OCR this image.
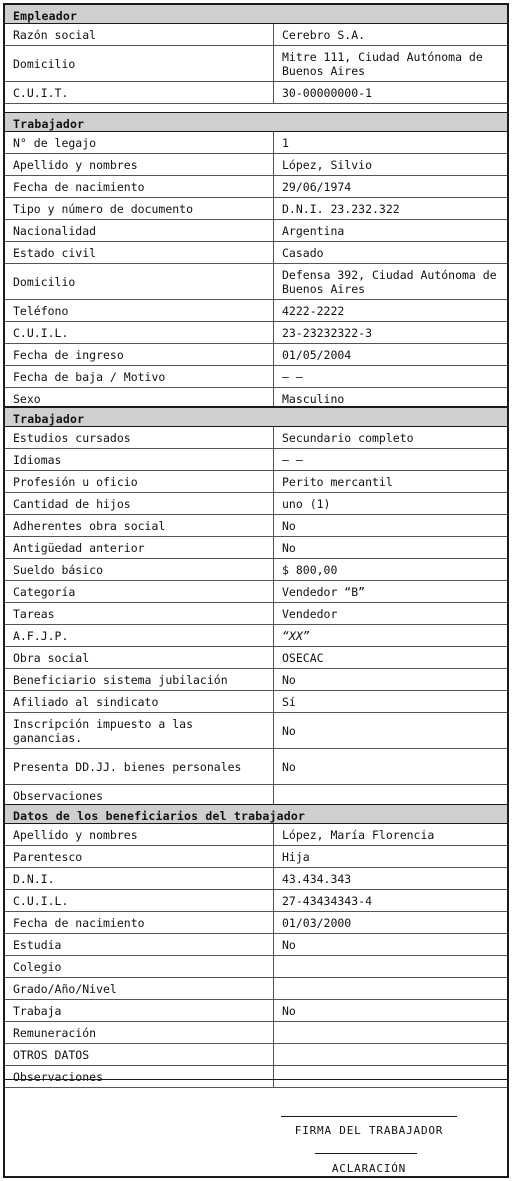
Empleador
Razón social	Cerebro S.A.
Domicilio	Mitre 111, Ciudad Autónoma de Buenos Aires
C.U.I.T.	30-00000000-1
Trabajador
N° de legajo	1
Apellido y nombres	López, Silvio
Fecha de nacimiento	29/06/1974
Tipo y número de documento	D.N.I. 23.232.322
Nacionalidad	Argentina
Estado civil	Casado
Domicilio	Defensa 392, Ciudad Autónoma de Buenos Aires
Teléfono	4222-2222
C.U.I.L.	23-23232322-3
Fecha de ingreso	01/05/2004
Fecha de baja / Motivo	– –
Sexo	Masculino
Trabajador
Estudios cursados	Secundario completo
Idiomas	– –
Profesión u oficio	Perito mercantil
Cantidad de hijos	uno (1)
Adherentes obra social	No
Antigüedad anterior	No
Sueldo básico	$ 800,00
Categoría	Vendedor “B”
Tareas	Vendedor
A.F.J.P.	“XX”
Obra social	OSECAC
Beneficiario sistema jubilación	No
Afiliado al sindicato	Sí
Inscripción impuesto a las ganancias.	No
Presenta DD.JJ. bienes personales	No
Observaciones	
Datos de los beneficiarios del trabajador
Apellido y nombres	López, María Florencia
Parentesco	Hija
D.N.I.	43.434.343
C.U.I.L.	27-43434343-4
Fecha de nacimiento	01/03/2000
Estudia	No
Colegio	
Grado/Año/Nivel	
Trabaja	No
Remuneración	
OTROS DATOS	
Observaciones	
FIRMA DEL TRABAJADOR
ACLARACIÓN
